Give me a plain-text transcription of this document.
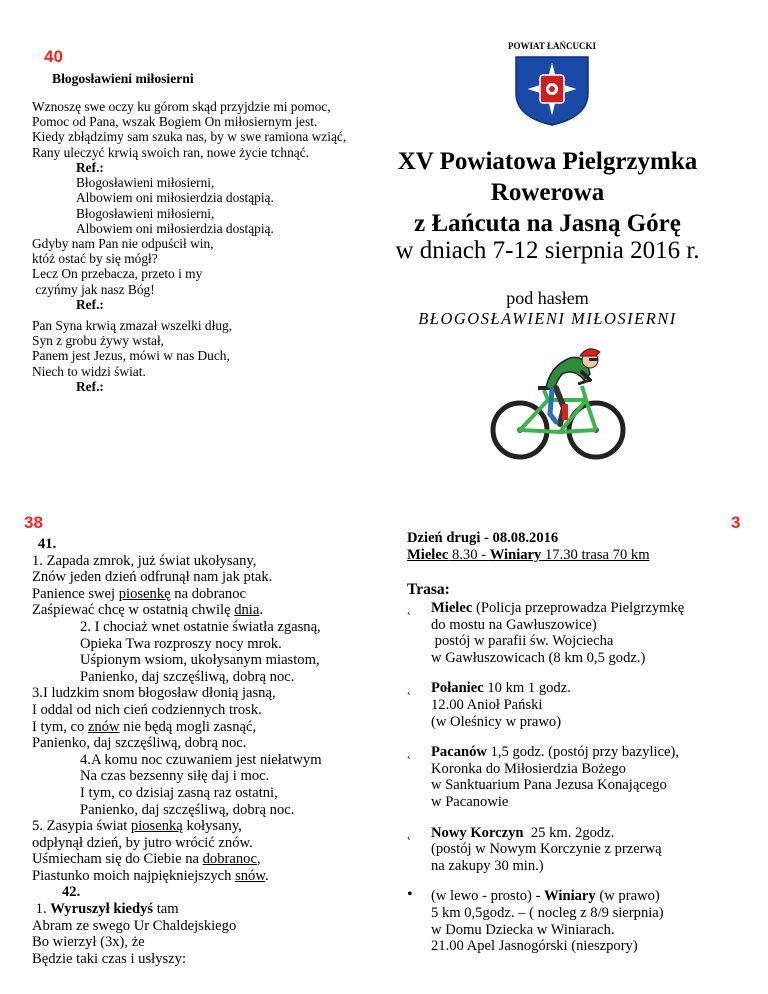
40
Błogosławieni miłosierni
Wznoszę swe oczy ku górom skąd przyjdzie mi pomoc,
Pomoc od Pana, wszak Bogiem On miłosiernym jest.
Kiedy zbłądzimy sam szuka nas, by w swe ramiona wziąć,
Rany uleczyć krwią swoich ran, nowe życie tchnąć.
Ref.:
Błogosławieni miłosierni,
Albowiem oni miłosierdzia dostąpią.
Błogosławieni miłosierni,
Albowiem oni miłosierdzia dostąpią.
Gdyby nam Pan nie odpuścił win,
któż ostać by się mógł?
Lecz On przebacza, przeto i my
czyńmy jak nasz Bóg!
Ref.:
Pan Syna krwią zmazał wszelki dług,
Syn z grobu żywy wstał,
Panem jest Jezus, mówi w nas Duch,
Niech to widzi świat.
Ref.:
POWIAT ŁAŃCUCKI
XV Powiatowa Pielgrzymka
Rowerowa
z Łańcuta na Jasną Górę
w dniach 7-12 sierpnia 2016 r.
pod hasłem
BŁOGOSŁAWIENI MIŁOSIERNI
38
41.
1. Zapada zmrok, już świat ukołysany,
Znów jeden dzień odfrunął nam jak ptak.
Panience swej piosenkę na dobranoc
Zaśpiewać chcę w ostatnią chwilę dnia.
2. I chociaż wnet ostatnie światła zgasną,
Opieka Twa rozproszy nocy mrok.
Uśpionym wsiom, ukołysanym miastom,
Panienko, daj szczęśliwą, dobrą noc.
3.I ludzkim snom błogosław dłonią jasną,
I oddal od nich cień codziennych trosk.
I tym, co znów nie będą mogli zasnąć,
Panienko, daj szczęśliwą, dobrą noc.
4.A komu noc czuwaniem jest niełatwym
Na czas bezsenny siłę daj i moc.
I tym, co dzisiaj zasną raz ostatni,
Panienko, daj szczęśliwą, dobrą noc.
5. Zasypia świat piosenką kołysany,
odpłynął dzień, by jutro wrócić znów.
Uśmiecham się do Ciebie na dobranoc,
Piastunko moich najpiękniejszych snów.
42.
1. Wyruszył kiedyś tam
Abram ze swego Ur Chaldejskiego
Bo wierzył (3x), że
Będzie taki czas i usłyszy:
3
Dzień drugi - 08.08.2016
Mielec 8.30 - Winiary 17.30 trasa 70 km
Trasa:
˛ Mielec (Policja przeprowadza Pielgrzymkę
do mostu na Gawłuszowice)
postój w parafii św. Wojciecha
w Gawłuszowicach (8 km 0,5 godz.)
˛ Połaniec 10 km 1 godz.
12.00 Anioł Pański
(w Oleśnicy w prawo)
˛ Pacanów 1,5 godz. (postój przy bazylice),
Koronka do Miłosierdzia Bożego
w Sanktuarium Pana Jezusa Konającego
w Pacanowie
˛ Nowy Korczyn  25 km. 2godz.
(postój w Nowym Korczynie z przerwą
na zakupy 30 min.)
• (w lewo - prosto) - Winiary (w prawo)
5 km 0,5godz. – ( nocleg z 8/9 sierpnia)
w Domu Dziecka w Winiarach.
21.00 Apel Jasnogórski (nieszpory)
